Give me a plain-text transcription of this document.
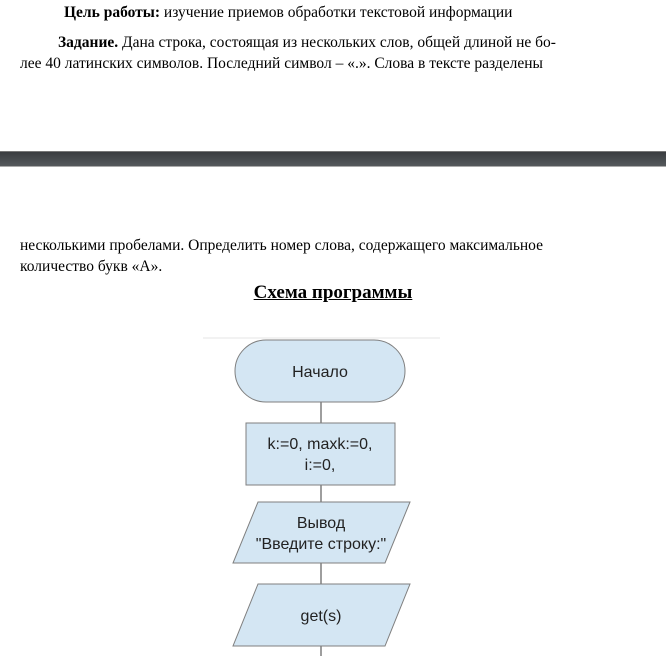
Цель работы: изучение приемов обработки текстовой информации
Задание. Дана строка, состоящая из нескольких слов, общей длиной не бо-
лее 40 латинских символов. Последний символ – «.». Слова в тексте разделены
несколькими пробелами. Определить номер слова, содержащего максимальное
количество букв «А».
Схема программы
Начало
k:=0, maxk:=0,
i:=0,
Вывод
"Введите строку:"
get(s)
